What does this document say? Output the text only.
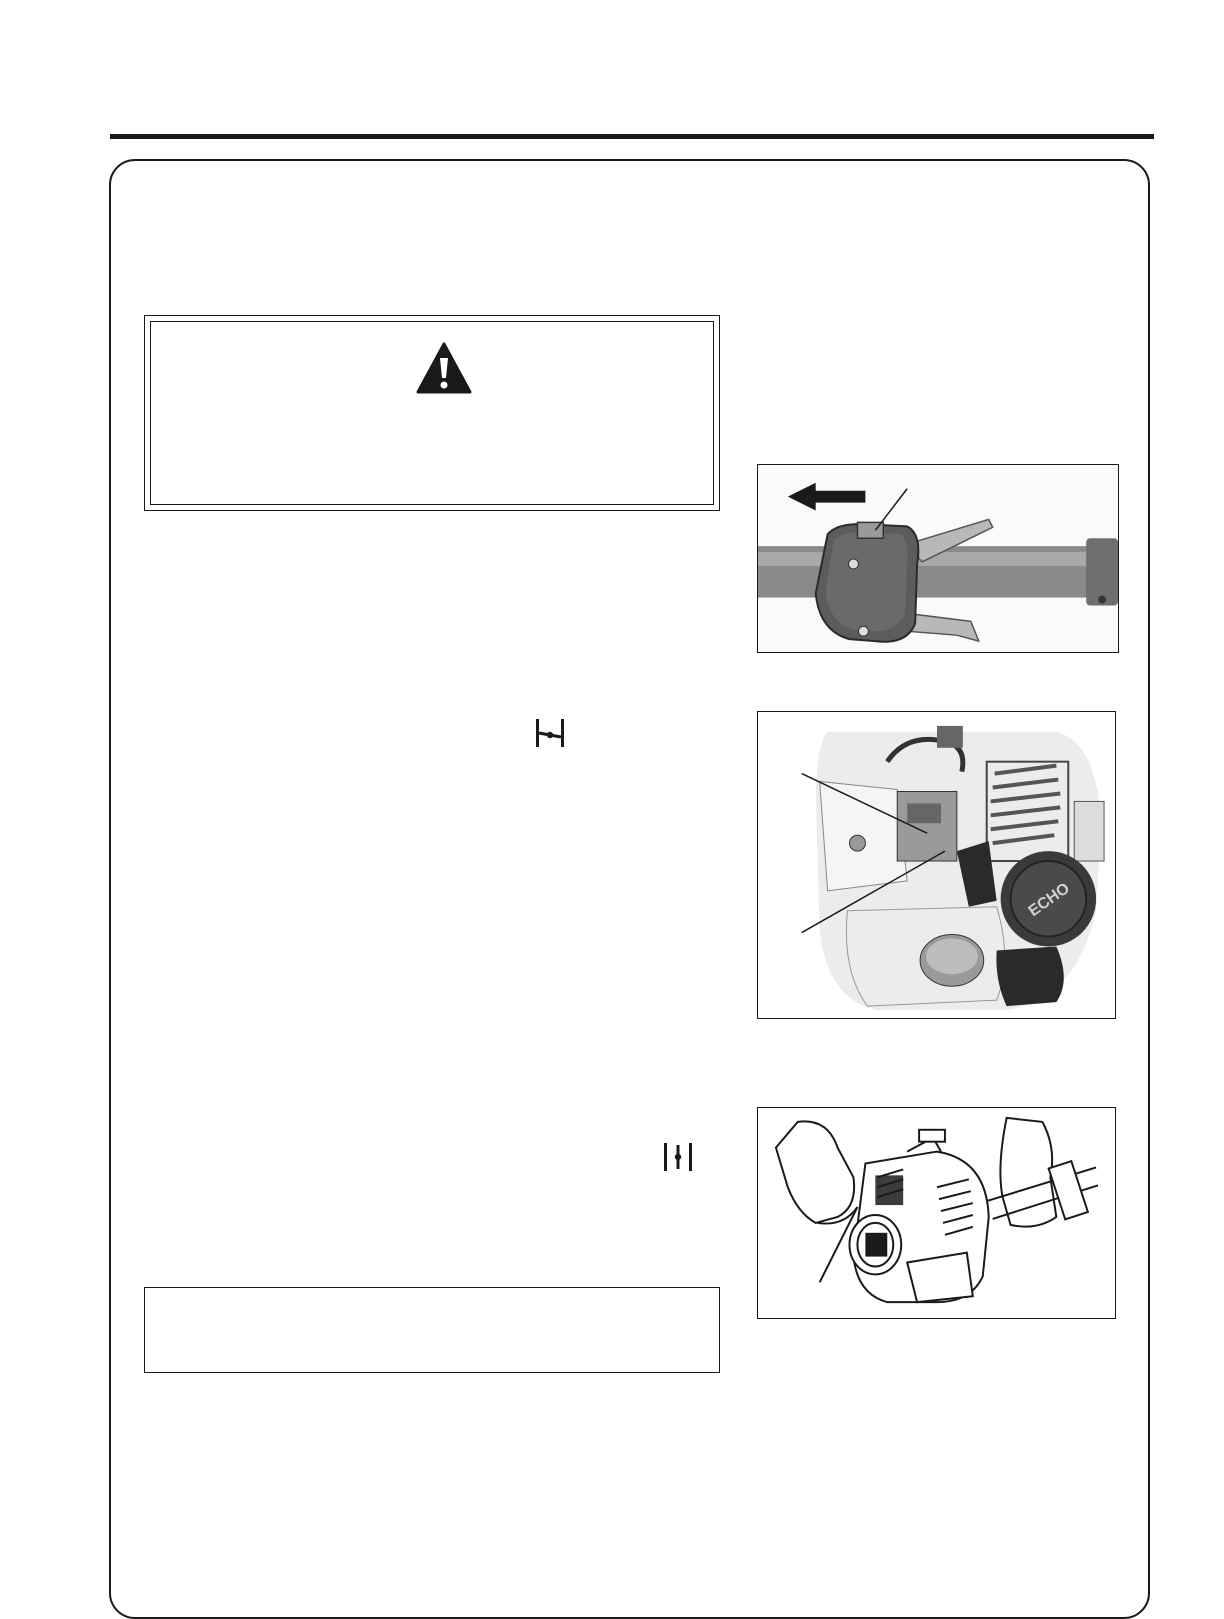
ECHO
